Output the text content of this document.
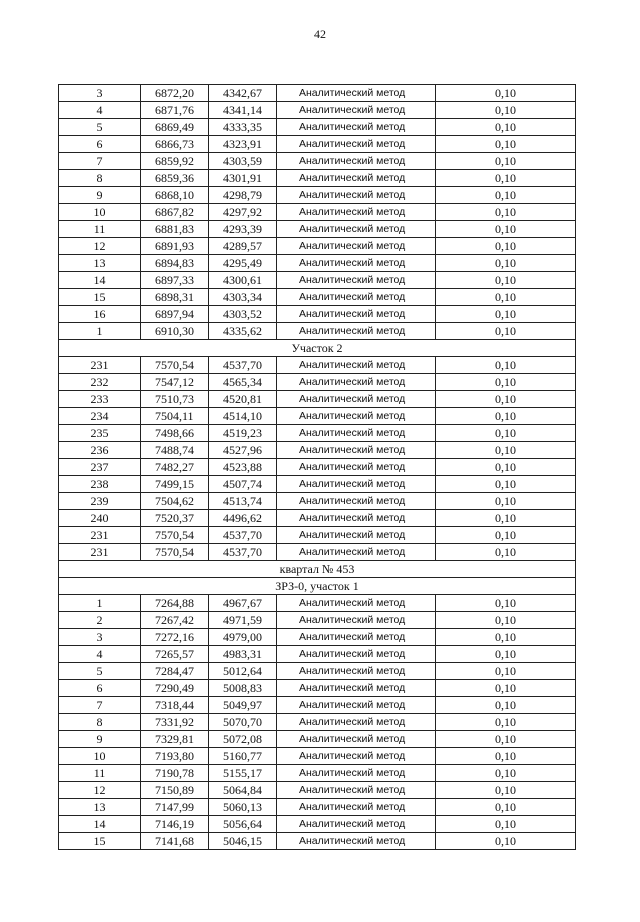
42
3	6872,20	4342,67	Аналитический метод	0,10
4	6871,76	4341,14	Аналитический метод	0,10
5	6869,49	4333,35	Аналитический метод	0,10
6	6866,73	4323,91	Аналитический метод	0,10
7	6859,92	4303,59	Аналитический метод	0,10
8	6859,36	4301,91	Аналитический метод	0,10
9	6868,10	4298,79	Аналитический метод	0,10
10	6867,82	4297,92	Аналитический метод	0,10
11	6881,83	4293,39	Аналитический метод	0,10
12	6891,93	4289,57	Аналитический метод	0,10
13	6894,83	4295,49	Аналитический метод	0,10
14	6897,33	4300,61	Аналитический метод	0,10
15	6898,31	4303,34	Аналитический метод	0,10
16	6897,94	4303,52	Аналитический метод	0,10
1	6910,30	4335,62	Аналитический метод	0,10
Участок 2				
231	7570,54	4537,70	Аналитический метод	0,10
232	7547,12	4565,34	Аналитический метод	0,10
233	7510,73	4520,81	Аналитический метод	0,10
234	7504,11	4514,10	Аналитический метод	0,10
235	7498,66	4519,23	Аналитический метод	0,10
236	7488,74	4527,96	Аналитический метод	0,10
237	7482,27	4523,88	Аналитический метод	0,10
238	7499,15	4507,74	Аналитический метод	0,10
239	7504,62	4513,74	Аналитический метод	0,10
240	7520,37	4496,62	Аналитический метод	0,10
231	7570,54	4537,70	Аналитический метод	0,10
231	7570,54	4537,70	Аналитический метод	0,10
квартал № 453				
ЗРЗ-0, участок 1				
1	7264,88	4967,67	Аналитический метод	0,10
2	7267,42	4971,59	Аналитический метод	0,10
3	7272,16	4979,00	Аналитический метод	0,10
4	7265,57	4983,31	Аналитический метод	0,10
5	7284,47	5012,64	Аналитический метод	0,10
6	7290,49	5008,83	Аналитический метод	0,10
7	7318,44	5049,97	Аналитический метод	0,10
8	7331,92	5070,70	Аналитический метод	0,10
9	7329,81	5072,08	Аналитический метод	0,10
10	7193,80	5160,77	Аналитический метод	0,10
11	7190,78	5155,17	Аналитический метод	0,10
12	7150,89	5064,84	Аналитический метод	0,10
13	7147,99	5060,13	Аналитический метод	0,10
14	7146,19	5056,64	Аналитический метод	0,10
15	7141,68	5046,15	Аналитический метод	0,10
